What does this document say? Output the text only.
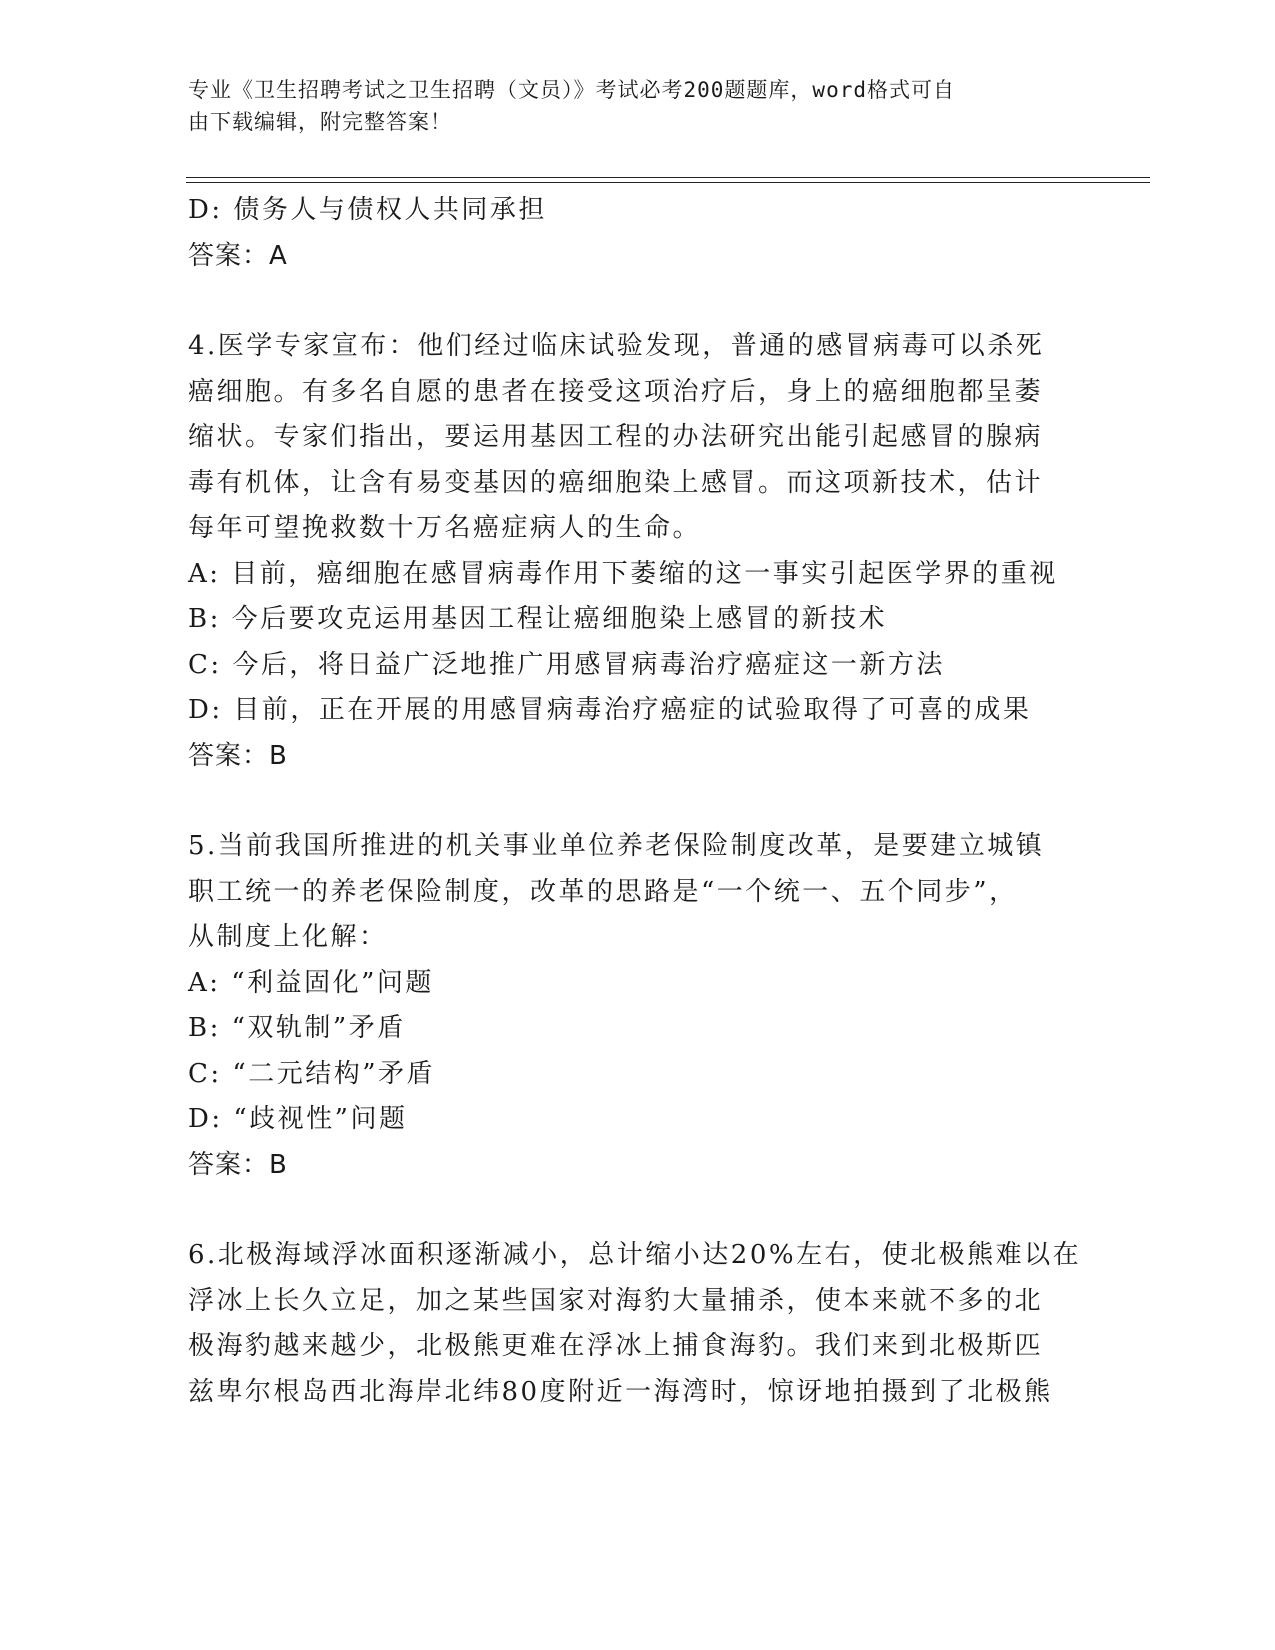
专业《卫生招聘考试之卫生招聘（文员）》考试必考200题题库，word格式可自
由下载编辑，附完整答案！

D: 债务人与债权人共同承担

答案：A

4.医学专家宣布：他们经过临床试验发现，普通的感冒病毒可以杀死

癌细胞。有多名自愿的患者在接受这项治疗后，身上的癌细胞都呈萎

缩状。专家们指出，要运用基因工程的办法研究出能引起感冒的腺病

毒有机体，让含有易变基因的癌细胞染上感冒。而这项新技术，估计

每年可望挽救数十万名癌症病人的生命。

A: 目前，癌细胞在感冒病毒作用下萎缩的这一事实引起医学界的重视

B: 今后要攻克运用基因工程让癌细胞染上感冒的新技术

C: 今后，将日益广泛地推广用感冒病毒治疗癌症这一新方法

D: 目前，正在开展的用感冒病毒治疗癌症的试验取得了可喜的成果

答案：B

5.当前我国所推进的机关事业单位养老保险制度改革，是要建立城镇

职工统一的养老保险制度，改革的思路是“一个统一、五个同步”，

从制度上化解：

A: “利益固化”问题

B: “双轨制”矛盾

C: “二元结构”矛盾

D: “歧视性”问题

答案：B

6.北极海域浮冰面积逐渐减小，总计缩小达20%左右，使北极熊难以在

浮冰上长久立足，加之某些国家对海豹大量捕杀，使本来就不多的北

极海豹越来越少，北极熊更难在浮冰上捕食海豹。我们来到北极斯匹

兹卑尔根岛西北海岸北纬80度附近一海湾时，惊讶地拍摄到了北极熊
